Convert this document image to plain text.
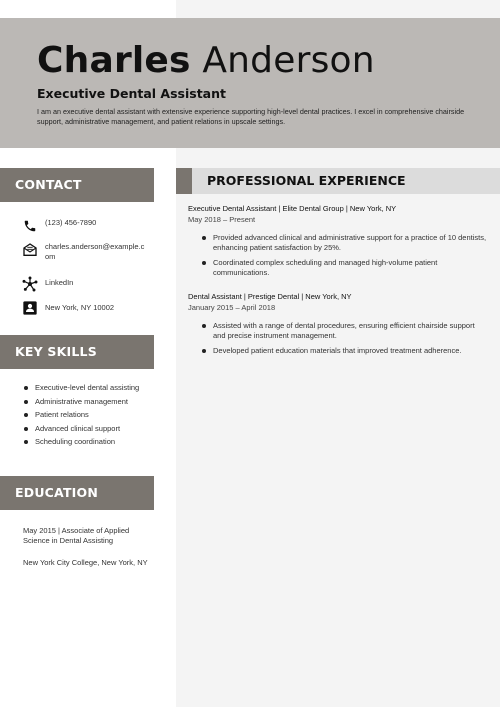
Charles Anderson
Executive Dental Assistant
I am an executive dental assistant with extensive experience supporting high-level dental practices. I excel in comprehensive chairside support, administrative management, and patient relations in upscale settings.
CONTACT
(123) 456-7890
charles.anderson@example.com
LinkedIn
New York, NY 10002
KEY SKILLS
Executive-level dental assisting
Administrative management
Patient relations
Advanced clinical support
Scheduling coordination
EDUCATION
May 2015 | Associate of Applied Science in Dental Assisting
New York City College, New York, NY
PROFESSIONAL EXPERIENCE
Executive Dental Assistant | Elite Dental Group | New York, NY
May 2018 – Present
Provided advanced clinical and administrative support for a practice of 10 dentists, enhancing patient satisfaction by 25%.
Coordinated complex scheduling and managed high-volume patient communications.
Dental Assistant | Prestige Dental | New York, NY
January 2015 – April 2018
Assisted with a range of dental procedures, ensuring efficient chairside support and precise instrument management.
Developed patient education materials that improved treatment adherence.
